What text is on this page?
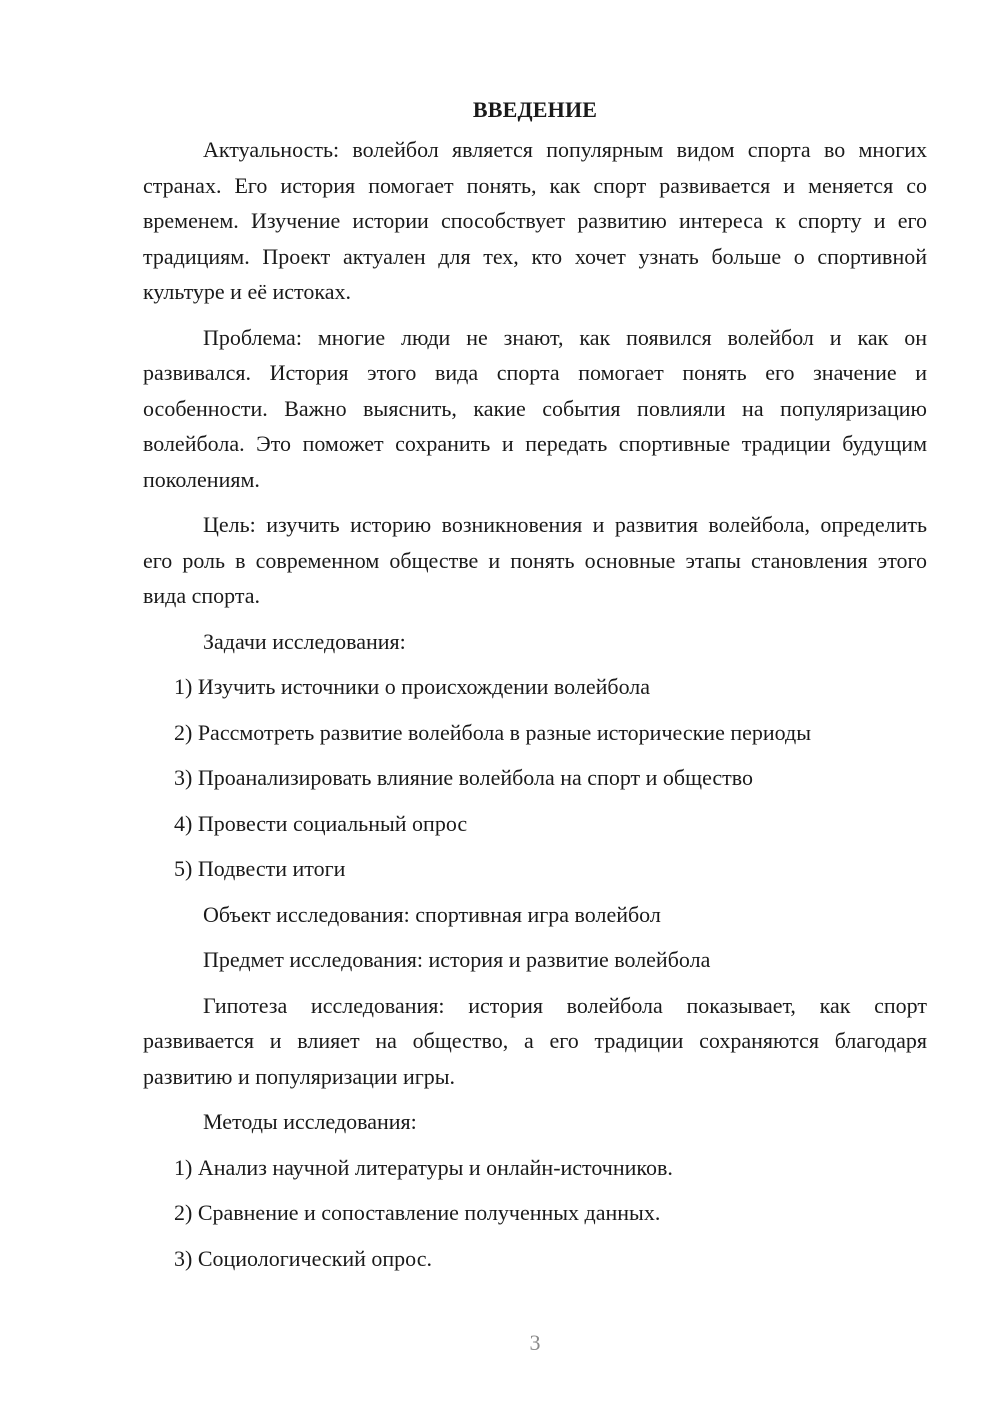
ВВЕДЕНИЕ

Актуальность: волейбол является популярным видом спорта во многих странах. Его история помогает понять, как спорт развивается и меняется со временем. Изучение истории способствует развитию интереса к спорту и его традициям. Проект актуален для тех, кто хочет узнать больше о спортивной культуре и её истоках.

Проблема: многие люди не знают, как появился волейбол и как он развивался. История этого вида спорта помогает понять его значение и особенности. Важно выяснить, какие события повлияли на популяризацию волейбола. Это поможет сохранить и передать спортивные традиции будущим поколениям.

Цель: изучить историю возникновения и развития волейбола, определить его роль в современном обществе и понять основные этапы становления этого вида спорта.

Задачи исследования:
1) Изучить источники о происхождении волейбола
2) Рассмотреть развитие волейбола в разные исторические периоды
3) Проанализировать влияние волейбола на спорт и общество
4) Провести социальный опрос
5) Подвести итоги
Объект исследования: спортивная игра волейбол
Предмет исследования: история и развитие волейбола

Гипотеза исследования: история волейбола показывает, как спорт развивается и влияет на общество, а его традиции сохраняются благодаря развитию и популяризации игры.

Методы исследования:
1) Анализ научной литературы и онлайн-источников.
2) Сравнение и сопоставление полученных данных.
3) Социологический опрос.
3
